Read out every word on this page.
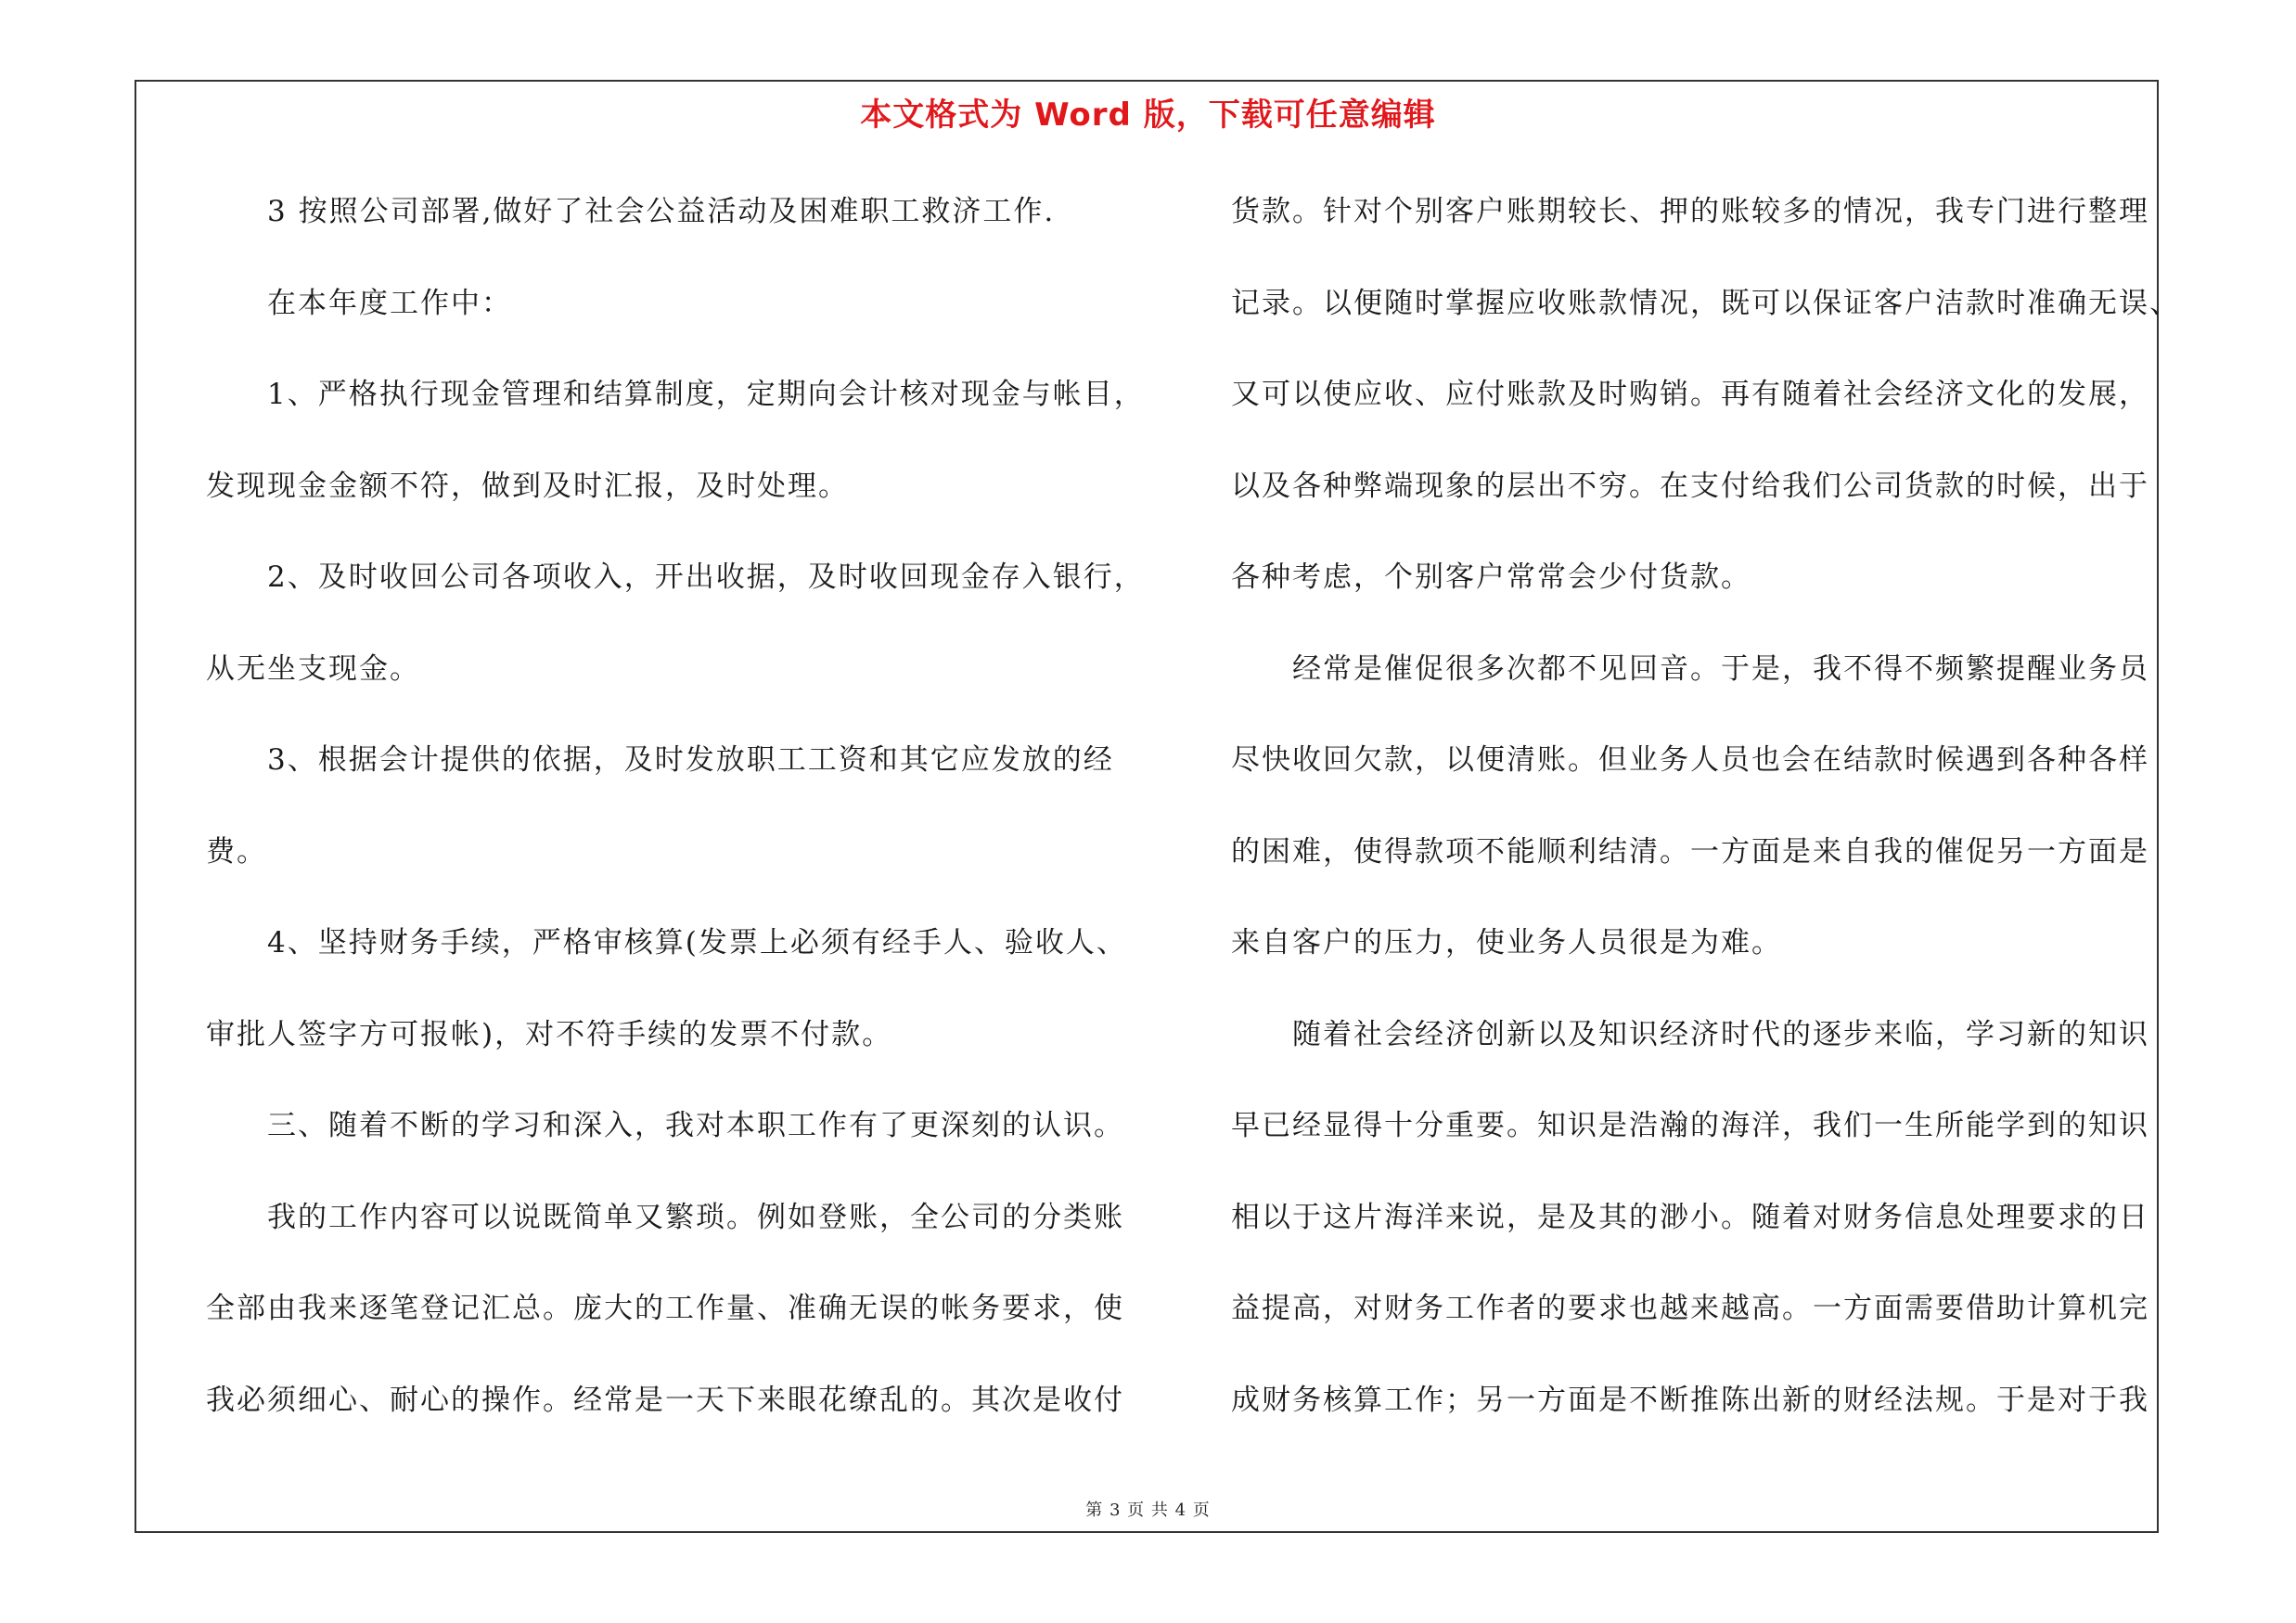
本文格式为 Word 版，下载可任意编辑
3 按照公司部署,做好了社会公益活动及困难职工救济工作.
在本年度工作中：
1、严格执行现金管理和结算制度，定期向会计核对现金与帐目，
发现现金金额不符，做到及时汇报，及时处理。
2、及时收回公司各项收入，开出收据，及时收回现金存入银行，
从无坐支现金。
3、根据会计提供的依据，及时发放职工工资和其它应发放的经
费。
4、坚持财务手续，严格审核算(发票上必须有经手人、验收人、
审批人签字方可报帐)，对不符手续的发票不付款。
三、随着不断的学习和深入，我对本职工作有了更深刻的认识。
我的工作内容可以说既简单又繁琐。例如登账，全公司的分类账
全部由我来逐笔登记汇总。庞大的工作量、准确无误的帐务要求，使
我必须细心、耐心的操作。经常是一天下来眼花缭乱的。其次是收付
货款。针对个别客户账期较长、押的账较多的情况，我专门进行整理
记录。以便随时掌握应收账款情况，既可以保证客户洁款时准确无误、
又可以使应收、应付账款及时购销。再有随着社会经济文化的发展，
以及各种弊端现象的层出不穷。在支付给我们公司货款的时候，出于
各种考虑，个别客户常常会少付货款。
经常是催促很多次都不见回音。于是，我不得不频繁提醒业务员
尽快收回欠款，以便清账。但业务人员也会在结款时候遇到各种各样
的困难，使得款项不能顺利结清。一方面是来自我的催促另一方面是
来自客户的压力，使业务人员很是为难。
随着社会经济创新以及知识经济时代的逐步来临，学习新的知识
早已经显得十分重要。知识是浩瀚的海洋，我们一生所能学到的知识
相以于这片海洋来说，是及其的渺小。随着对财务信息处理要求的日
益提高，对财务工作者的要求也越来越高。一方面需要借助计算机完
成财务核算工作；另一方面是不断推陈出新的财经法规。于是对于我
第 3 页 共 4 页
